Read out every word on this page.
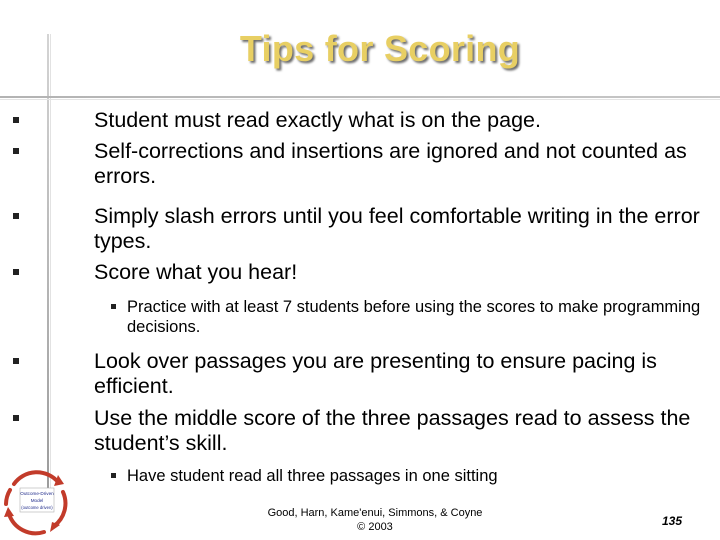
Tips for Scoring
Student must read exactly what is on the page.
Self-corrections and insertions are ignored and not counted as errors.
Simply slash errors until you feel comfortable writing in the error types.
Score what you hear!
Practice with at least 7 students before using the scores to make programming decisions.
Look over passages you are presenting to ensure pacing is efficient.
Use the middle score of the three passages read to assess the student’s skill.
Have student read all three passages in one sitting
Outcome-Driven
Model
(outcome driven)	Good, Harn, Kame'enui, Simmons, & Coyne
© 2003	135
